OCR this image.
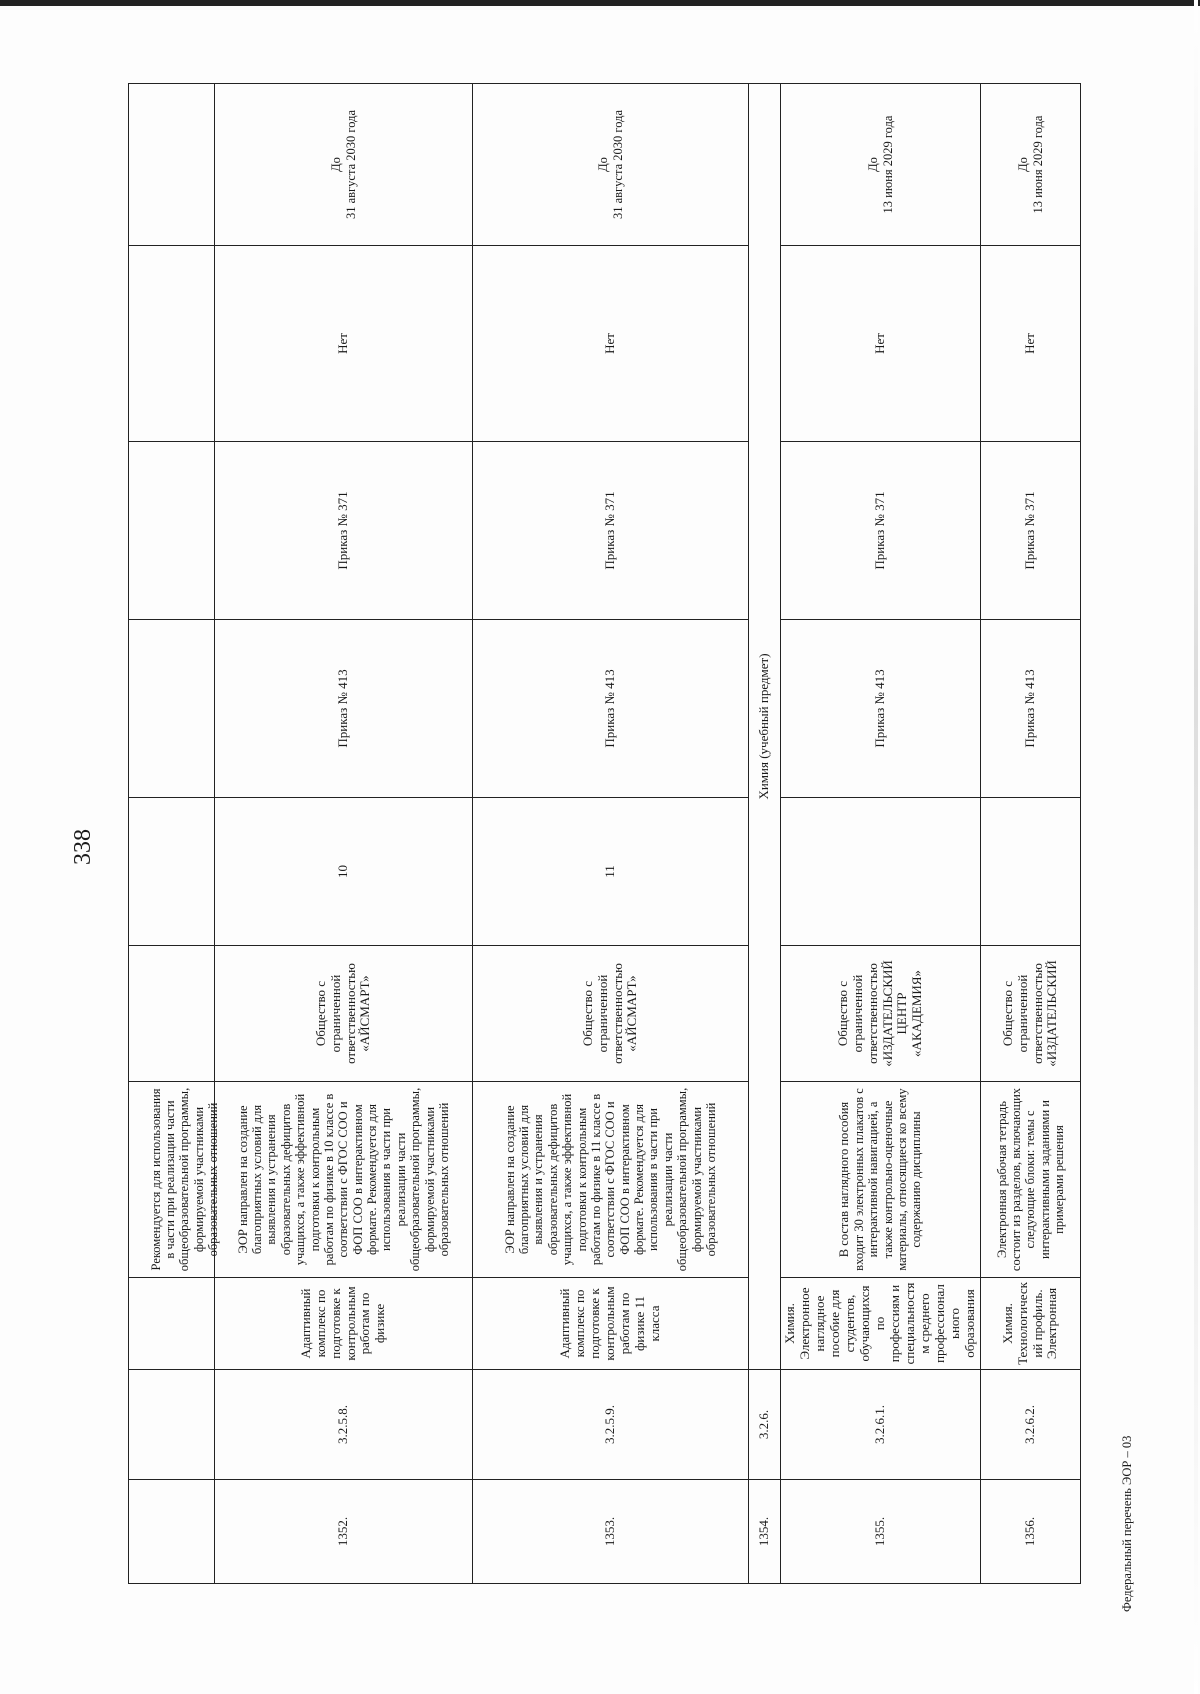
338

			Рекомендуется для использования в части при реализации части общеобразовательной программы, формируемой участниками образовательных отношений						

1352.	3.2.5.8.	Адаптивный комплекс по подготовке к контрольным работам по физике	ЭОР направлен на создание благоприятных условий для выявления и устранения образовательных дефицитов учащихся, а также эффективной подготовки к контрольным работам по физике в 10 классе в соответствии с ФГОС СОО и ФОП СОО в интерактивном формате. Рекомендуется для использования в части при реализации части общеобразовательной программы, формируемой участниками образовательных отношений	Общество с ограниченной ответственностью «АЙСМАРТ»	10	Приказ № 413	Приказ № 371	Нет	До 31 августа 2030 года

1353.	3.2.5.9.	Адаптивный комплекс по подготовке к контрольным работам по физике 11 класса	ЭОР направлен на создание благоприятных условий для выявления и устранения образовательных дефицитов учащихся, а также эффективной подготовки к контрольным работам по физике в 11 классе в соответствии с ФГОС СОО и ФОП СОО в интерактивном формате. Рекомендуется для использования в части при реализации части общеобразовательной программы, формируемой участниками образовательных отношений	Общество с ограниченной ответственностью «АЙСМАРТ»	11	Приказ № 413	Приказ № 371	Нет	До 31 августа 2030 года

1354.	3.2.6.	Химия (учебный предмет)							
1355.	3.2.6.1.	Химия. Электронное наглядное пособие для студентов, обучающихся по профессиям и специальностям среднего профессионального образования	В состав наглядного пособия входит 30 электронных плакатов с интерактивной навигацией, а также контрольно-оценочные материалы, относящиеся ко всему содержанию дисциплины	Общество с ограниченной ответственностью «ИЗДАТЕЛЬСКИЙ ЦЕНТР «АКАДЕМИЯ»		Приказ № 413	Приказ № 371	Нет	До 13 июня 2029 года

1356.	3.2.6.2.	Химия. Технологический профиль. Электронная	Электронная рабочая тетрадь состоит из разделов, включающих следующие блоки: темы с интерактивными заданиями и примерами решения	Общество с ограниченной ответственностью «ИЗДАТЕЛЬСКИЙ		Приказ № 413	Приказ № 371	Нет	До 13 июня 2029 года
Федеральный перечень ЭОР – 03
